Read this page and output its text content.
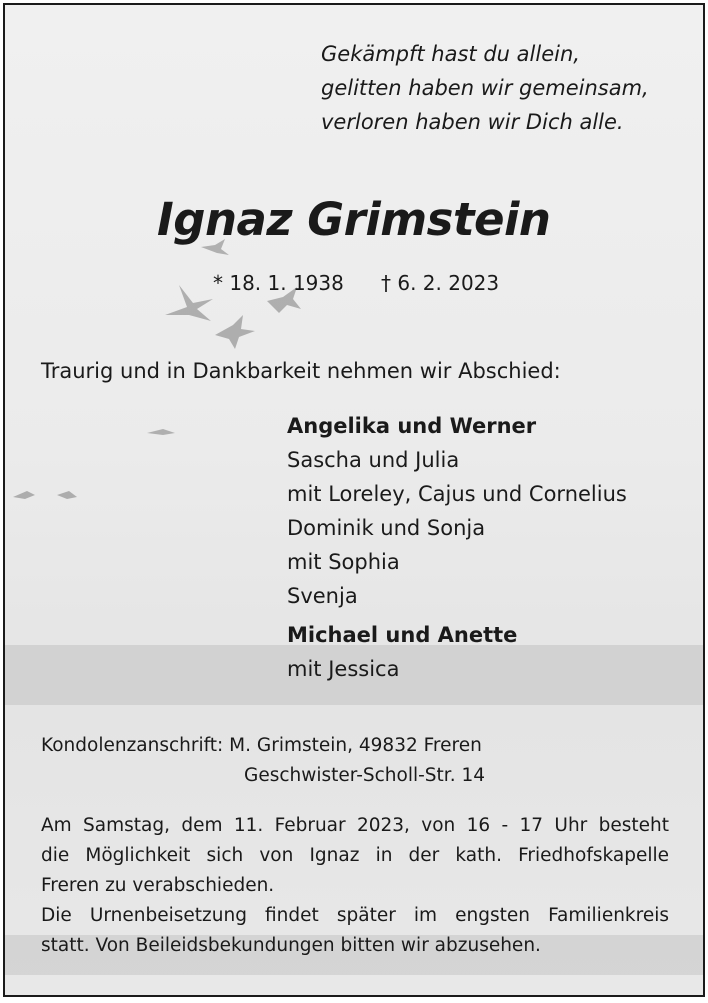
Gekämpft hast du allein,
gelitten haben wir gemeinsam,
verloren haben wir Dich alle.
Ignaz Grimstein
* 18. 1. 1938 † 6. 2. 2023
Traurig und in Dankbarkeit nehmen wir Abschied:
Angelika und Werner
Sascha und Julia
mit Loreley, Cajus und Cornelius
Dominik und Sonja
mit Sophia
Svenja
Michael und Anette
mit Jessica
Kondolenzanschrift: M. Grimstein, 49832 Freren
Geschwister-Scholl-Str. 14
Am Samstag, dem 11. Februar 2023, von 16 - 17 Uhr besteht
die Möglichkeit sich von Ignaz in der kath. Friedhofskapelle
Freren zu verabschieden.
Die Urnenbeisetzung findet später im engsten Familienkreis
statt. Von Beileidsbekundungen bitten wir abzusehen.
